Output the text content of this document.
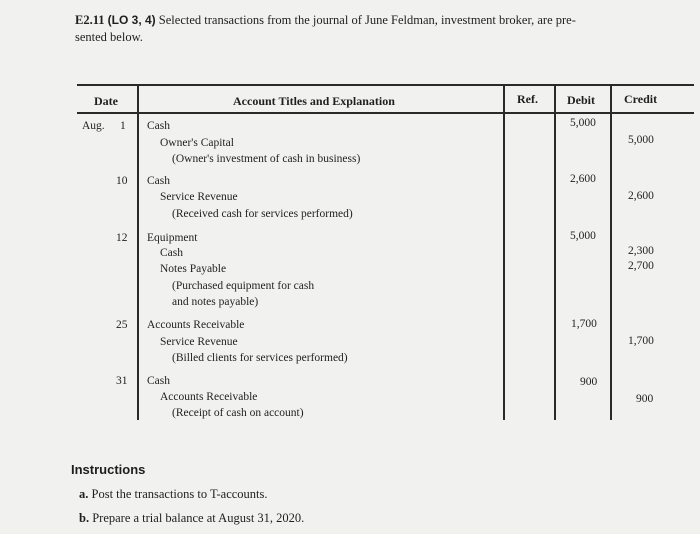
E2.11 (LO 3, 4) Selected transactions from the journal of June Feldman, investment broker, are pre-
sented below.
Date	Account Titles and Explanation	Ref. Debit Credit
Aug. 1 Cash
Owner's Capital
(Owner's investment of cash in business)
5,000
5,000
10 Cash
Service Revenue
(Received cash for services performed)
2,600
2,600
12 Equipment
Cash
Notes Payable
(Purchased equipment for cash
and notes payable)
5,000
2,300
2,700
25 Accounts Receivable
Service Revenue
(Billed clients for services performed)
1,700
1,700
31 Cash
Accounts Receivable
(Receipt of cash on account)
900
900
Instructions
a. Post the transactions to T-accounts.
b. Prepare a trial balance at August 31, 2020.
